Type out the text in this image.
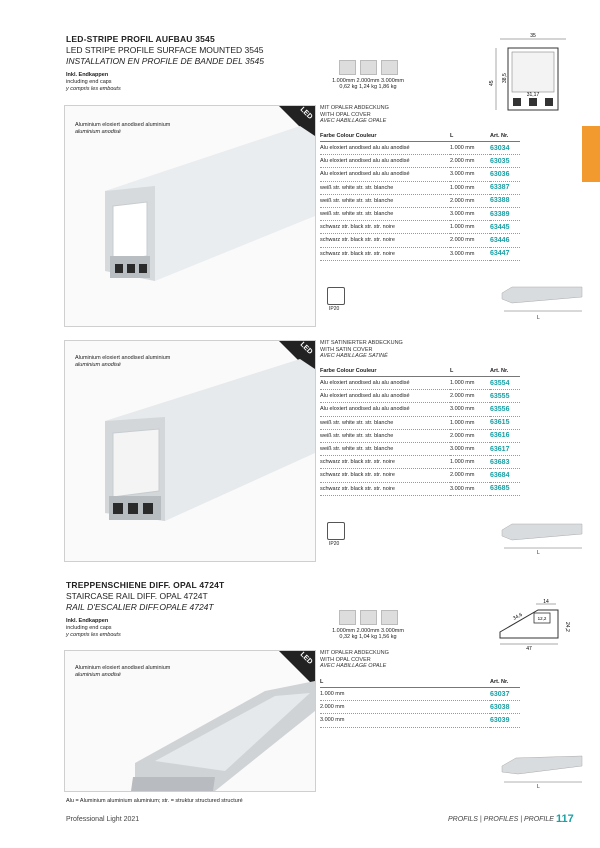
LED-STRIPE PROFIL AUFBAU 3545
LED STRIPE PROFILE SURFACE MOUNTED 3545
INSTALLATION EN PROFILE DE BANDE DEL 3545
Inkl. Endkappen
including end caps
y compris les embouts
1.000mm 2.000mm 3.000mm
0,62 kg 1,24 kg 1,86 kg
35
45
38,5
31,17
Aluminium eloxiert anodised aluminium
aluminium anodisé
LED MIT OPALER ABDECKUNG
WITH OPAL COVER
AVEC HABILLAGE OPALE
Farbe Colour Couleur	L	Art. Nr.
Alu eloxiert anodised alu alu anodisé	1.000 mm	63034
Alu eloxiert anodised alu alu anodisé	2.000 mm	63035
Alu eloxiert anodised alu alu anodisé	3.000 mm	63036
weiß str. white str. str. blanche	1.000 mm	63387
weiß str. white str. str. blanche	2.000 mm	63388
weiß str. white str. str. blanche	3.000 mm	63389
schwarz str. black str. str. noire	1.000 mm	63445
schwarz str. black str. str. noire	2.000 mm	63446
schwarz str. black str. str. noire	3.000 mm	63447
IP20
L
Aluminium eloxiert anodised aluminium
aluminium anodisé
LED MIT SATINIERTER ABDECKUNG
WITH SATIN COVER
AVEC HABILLAGE SATINÉ
Farbe Colour Couleur	L	Art. Nr.
Alu eloxiert anodised alu alu anodisé	1.000 mm	63554
Alu eloxiert anodised alu alu anodisé	2.000 mm	63555
Alu eloxiert anodised alu alu anodisé	3.000 mm	63556
weiß str. white str. str. blanche	1.000 mm	63615
weiß str. white str. str. blanche	2.000 mm	63616
weiß str. white str. str. blanche	3.000 mm	63617
schwarz str. black str. str. noire	1.000 mm	63683
schwarz str. black str. str. noire	2.000 mm	63684
schwarz str. black str. str. noire	3.000 mm	63685
IP20
L
TREPPENSCHIENE DIFF. OPAL 4724T
STAIRCASE RAIL DIFF. OPAL 4724T
RAIL D'ESCALIER DIFF.OPALE 4724T
Inkl. Endkappen
including end caps
y compris les embouts
1.000mm 2.000mm 3.000mm
0,32 kg 1,04 kg 1,56 kg
14
12,2
34,6
24,2
47
Aluminium eloxiert anodised aluminium
aluminium anodisé
LED MIT OPALER ABDECKUNG
WITH OPAL COVER
AVEC HABILLAGE OPALE
L	Art. Nr.
1.000 mm	63037
2.000 mm	63038
3.000 mm	63039
L
Alu = Aluminium aluminium aluminium; str. = struktur structured structuré
Professional Light 2021	PROFILS | PROFILES | PROFILE 117
